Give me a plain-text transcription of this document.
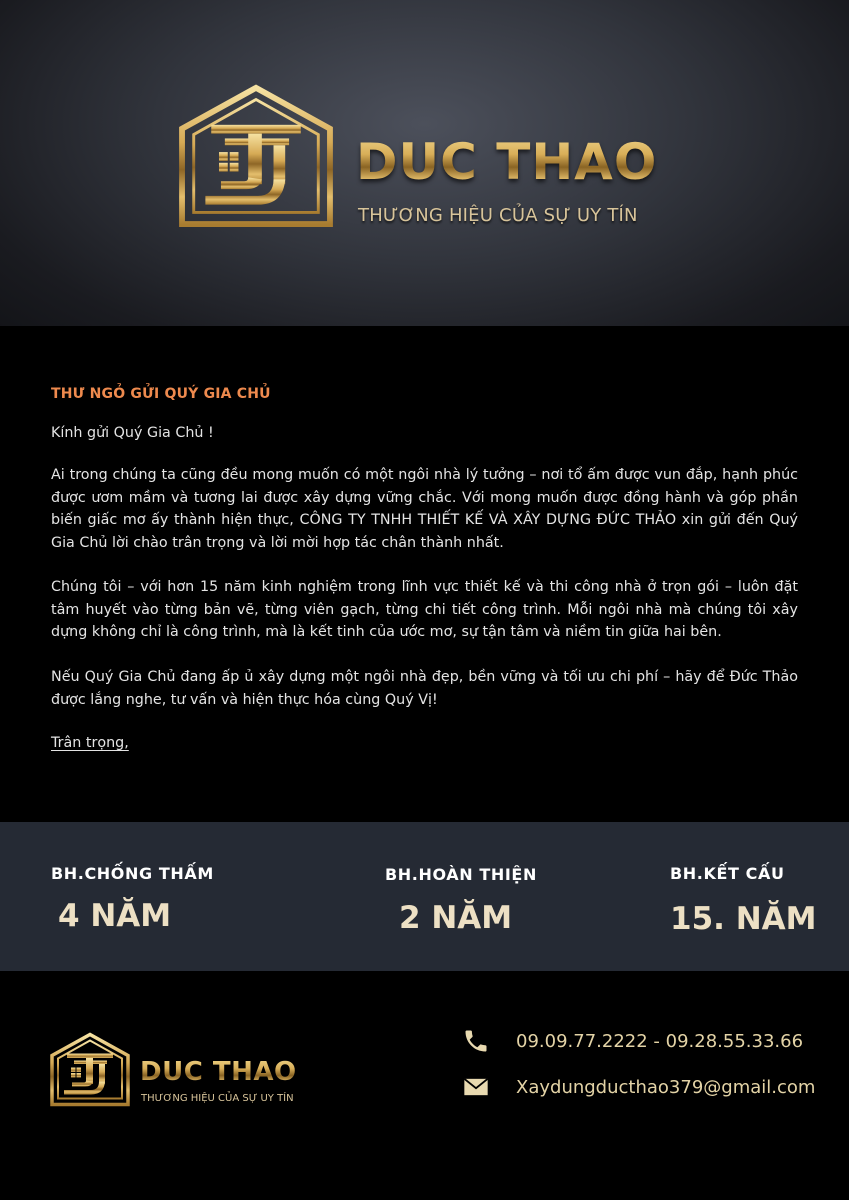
DUC THAO
THƯƠNG HIỆU CỦA SỰ UY TÍN
THƯ NGỎ GỬI QUÝ GIA CHỦ

Kính gửi Quý Gia Chủ !

Ai trong chúng ta cũng đều mong muốn có một ngôi nhà lý tưởng – nơi tổ ấm được vun đắp, hạnh phúc được ươm mầm và tương lai được xây dựng vững chắc. Với mong muốn được đồng hành và góp phần biến giấc mơ ấy thành hiện thực, CÔNG TY TNHH THIẾT KẾ VÀ XÂY DỰNG ĐỨC THẢO xin gửi đến Quý Gia Chủ lời chào trân trọng và lời mời hợp tác chân thành nhất.

Chúng tôi – với hơn 15 năm kinh nghiệm trong lĩnh vực thiết kế và thi công nhà ở trọn gói – luôn đặt tâm huyết vào từng bản vẽ, từng viên gạch, từng chi tiết công trình. Mỗi ngôi nhà mà chúng tôi xây dựng không chỉ là công trình, mà là kết tinh của ước mơ, sự tận tâm và niềm tin giữa hai bên.

Nếu Quý Gia Chủ đang ấp ủ xây dựng một ngôi nhà đẹp, bền vững và tối ưu chi phí – hãy để Đức Thảo được lắng nghe, tư vấn và hiện thực hóa cùng Quý Vị!

Trân trọng,

BH.CHỐNG THẤM
4 NĂM
BH.HOÀN THIỆN
2 NĂM
BH.KẾT CẤU
15. NĂM
DUC THAO
THƯƠNG HIỆU CỦA SỰ UY TÍN
09.09.77.2222 - 09.28.55.33.66
Xaydungducthao379@gmail.com
